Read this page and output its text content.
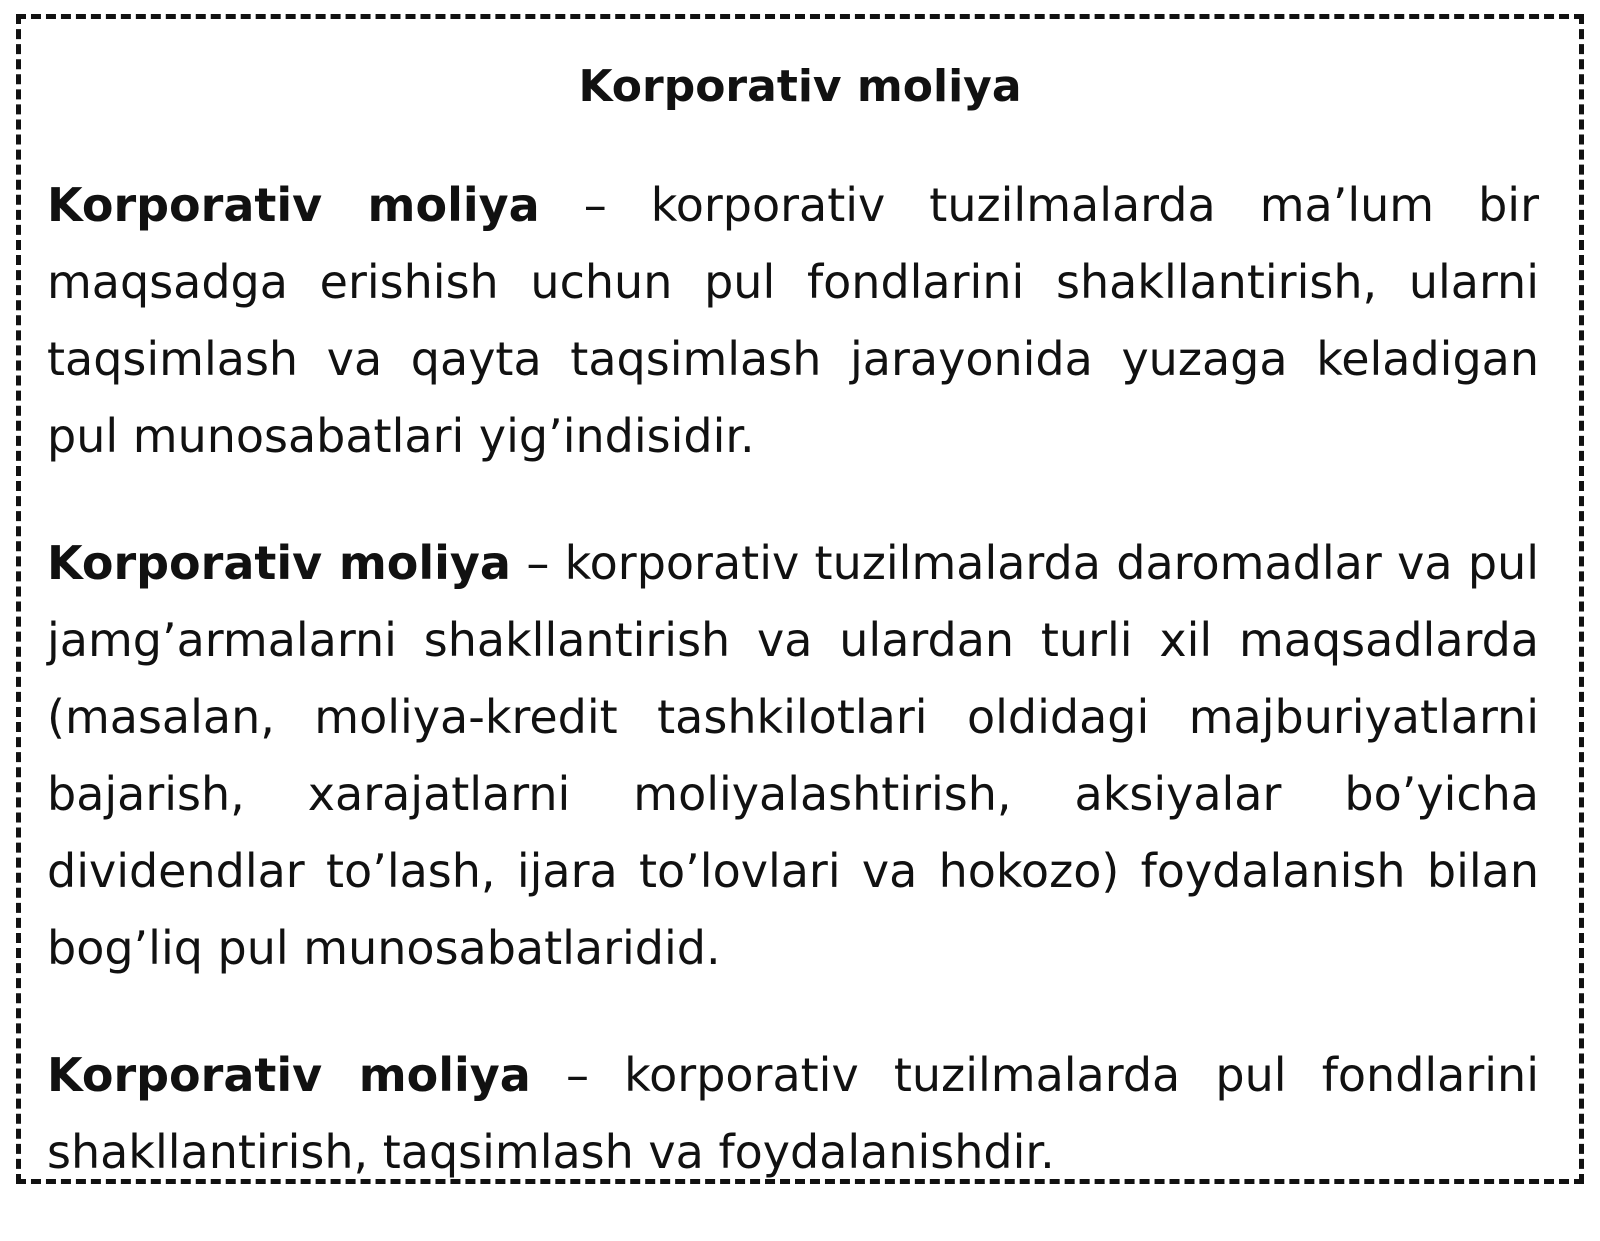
Korporativ moliya

Korporativ moliya – korporativ tuzilmalarda ma’lum bir maqsadga erishish uchun pul fondlarini shakllantirish, ularni taqsimlash va qayta taqsimlash jarayonida yuzaga keladigan pul munosabatlari yig’indisidir.

Korporativ moliya – korporativ tuzilmalarda daromadlar va pul jamg’armalarni shakllantirish va ulardan turli xil maqsadlarda (masalan, moliya-kredit tashkilotlari oldidagi majburiyatlarni bajarish, xarajatlarni moliyalashtirish, aksiyalar bo’yicha dividendlar to’lash, ijara to’lovlari va hokozo) foydalanish bilan bog’liq pul munosabatlaridid.

Korporativ moliya – korporativ tuzilmalarda pul fondlarini shakllantirish, taqsimlash va foydalanishdir.
